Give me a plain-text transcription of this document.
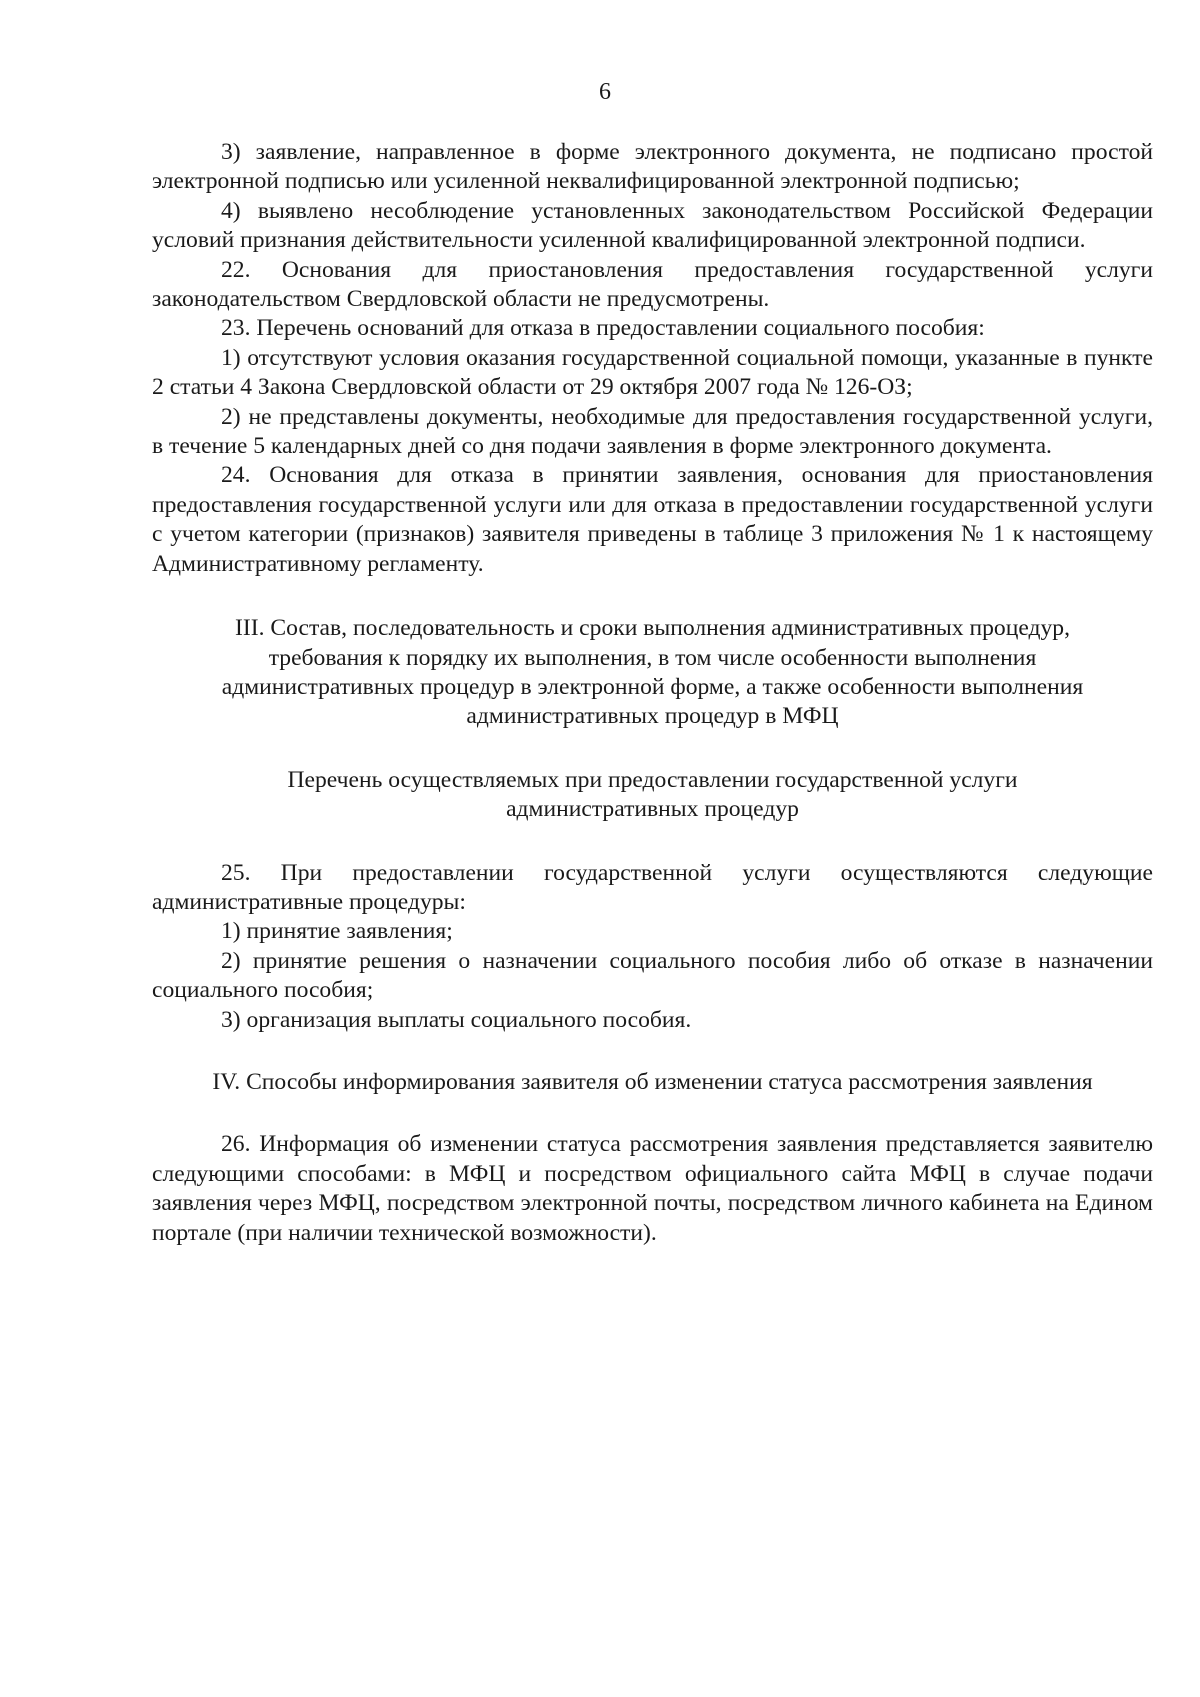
6

3) заявление, направленное в форме электронного документа, не подписано простой электронной подписью или усиленной неквалифицированной электронной подписью;

4) выявлено несоблюдение установленных законодательством Российской Федерации условий признания действительности усиленной квалифицированной электронной подписи.

22. Основания для приостановления предоставления государственной услуги законодательством Свердловской области не предусмотрены.

23. Перечень оснований для отказа в предоставлении социального пособия:

1) отсутствуют условия оказания государственной социальной помощи, указанные в пункте 2 статьи 4 Закона Свердловской области от 29 октября 2007 года № 126-ОЗ;

2) не представлены документы, необходимые для предоставления государственной услуги, в течение 5 календарных дней со дня подачи заявления в форме электронного документа.

24. Основания для отказа в принятии заявления, основания для приостановления предоставления государственной услуги или для отказа в предоставлении государственной услуги с учетом категории (признаков) заявителя приведены в таблице 3 приложения № 1 к настоящему Административному регламенту.

III. Состав, последовательность и сроки выполнения административных процедур,
требования к порядку их выполнения, в том числе особенности выполнения
административных процедур в электронной форме, а также особенности выполнения
административных процедур в МФЦ

Перечень осуществляемых при предоставлении государственной услуги
административных процедур

25. При предоставлении государственной услуги осуществляются следующие административные процедуры:

1) принятие заявления;

2) принятие решения о назначении социального пособия либо об отказе в назначении социального пособия;

3) организация выплаты социального пособия.

IV. Способы информирования заявителя об изменении статуса рассмотрения заявления

26. Информация об изменении статуса рассмотрения заявления представляется заявителю следующими способами: в МФЦ и посредством официального сайта МФЦ в случае подачи заявления через МФЦ, посредством электронной почты, посредством личного кабинета на Едином портале (при наличии технической возможности).
